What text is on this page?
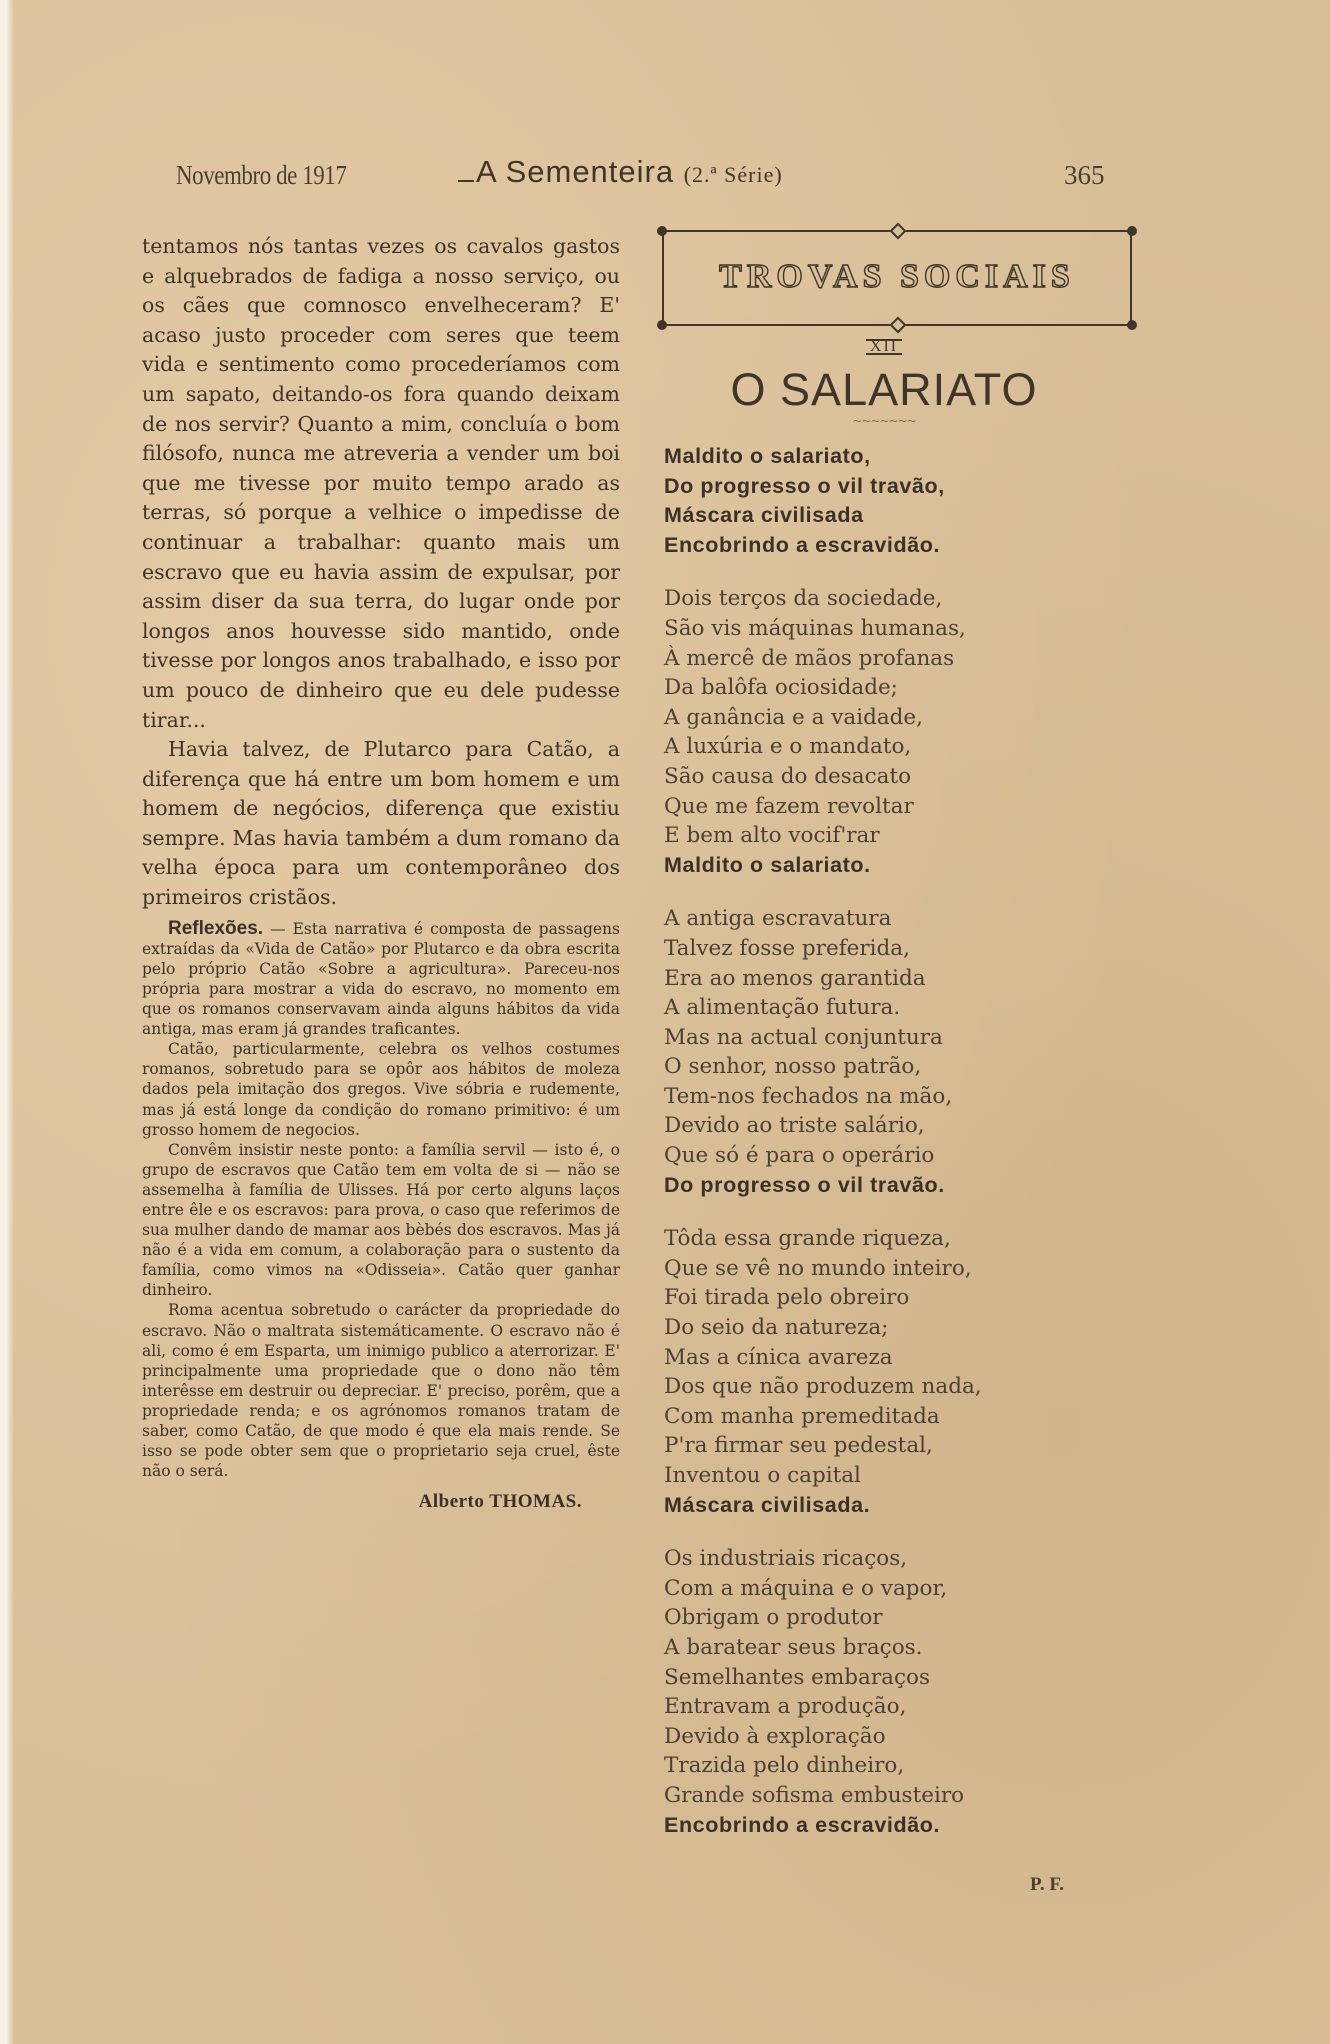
Novembro de 1917	A Sementeira (2.ª Série)	365

tentamos nós tantas vezes os cavalos gastos e alquebrados de fadiga a nosso serviço, ou os cães que comnosco envelheceram? E' acaso justo proceder com seres que teem vida e sentimento como procederíamos com um sapato, deitando-os fora quando deixam de nos servir? Quanto a mim, concluía o bom filósofo, nunca me atreveria a vender um boi que me tivesse por muito tempo arado as terras, só porque a velhice o impedisse de continuar a trabalhar: quanto mais um escravo que eu havia assim de expulsar, por assim diser da sua terra, do lugar onde por longos anos houvesse sido mantido, onde tivesse por longos anos trabalhado, e isso por um pouco de dinheiro que eu dele pudesse tirar...

Havia talvez, de Plutarco para Catão, a diferença que há entre um bom homem e um homem de negócios, diferença que existiu sempre. Mas havia também a dum romano da velha época para um contemporâneo dos primeiros cristãos.

Reflexões. — Esta narrativa é composta de passagens extraídas da «Vida de Catão» por Plutarco e da obra escrita pelo próprio Catão «Sobre a agricultura». Pareceu-nos própria para mostrar a vida do escravo, no momento em que os romanos conservavam ainda alguns hábitos da vida antiga, mas eram já grandes traficantes.

Catão, particularmente, celebra os velhos costumes romanos, sobretudo para se opôr aos hábitos de moleza dados pela imitação dos gregos. Vive sóbria e rudemente, mas já está longe da condição do romano primitivo: é um grosso homem de negocios.

Convêm insistir neste ponto: a família servil — isto é, o grupo de escravos que Catão tem em volta de si — não se assemelha à família de Ulisses. Há por certo alguns laços entre êle e os escravos: para prova, o caso que referimos de sua mulher dando de mamar aos bèbés dos escravos. Mas já não é a vida em comum, a colaboração para o sustento da família, como vimos na «Odisseia». Catão quer ganhar dinheiro.

Roma acentua sobretudo o carácter da propriedade do escravo. Não o maltrata sistemáticamente. O escravo não é ali, como é em Esparta, um inimigo publico a aterrorizar. E' principalmente uma propriedade que o dono não têm interêsse em destruir ou depreciar. E' preciso, porêm, que a propriedade renda; e os agrónomos romanos tratam de saber, como Catão, de que modo é que ela mais rende. Se isso se pode obter sem que o proprietario seja cruel, êste não o será.

Alberto THOMAS.
TROVAS SOCIAIS
XII
O SALARIATO
~~~~~~~
Maldito o salariato,
Do progresso o vil travão,
Máscara civilisada
Encobrindo a escravidão.
Dois terços da sociedade,
São vis máquinas humanas,
À mercê de mãos profanas
Da balôfa ociosidade;
A ganância e a vaidade,
A luxúria e o mandato,
São causa do desacato
Que me fazem revoltar
E bem alto vocif'rar
Maldito o salariato.
A antiga escravatura
Talvez fosse preferida,
Era ao menos garantida
A alimentação futura.
Mas na actual conjuntura
O senhor, nosso patrão,
Tem-nos fechados na mão,
Devido ao triste salário,
Que só é para o operário
Do progresso o vil travão.
Tôda essa grande riqueza,
Que se vê no mundo inteiro,
Foi tirada pelo obreiro
Do seio da natureza;
Mas a cínica avareza
Dos que não produzem nada,
Com manha premeditada
P'ra firmar seu pedestal,
Inventou o capital
Máscara civilisada.
Os industriais ricaços,
Com a máquina e o vapor,
Obrigam o produtor
A baratear seus braços.
Semelhantes embaraços
Entravam a produção,
Devido à exploração
Trazida pelo dinheiro,
Grande sofisma embusteiro
Encobrindo a escravidão.
P. F.
